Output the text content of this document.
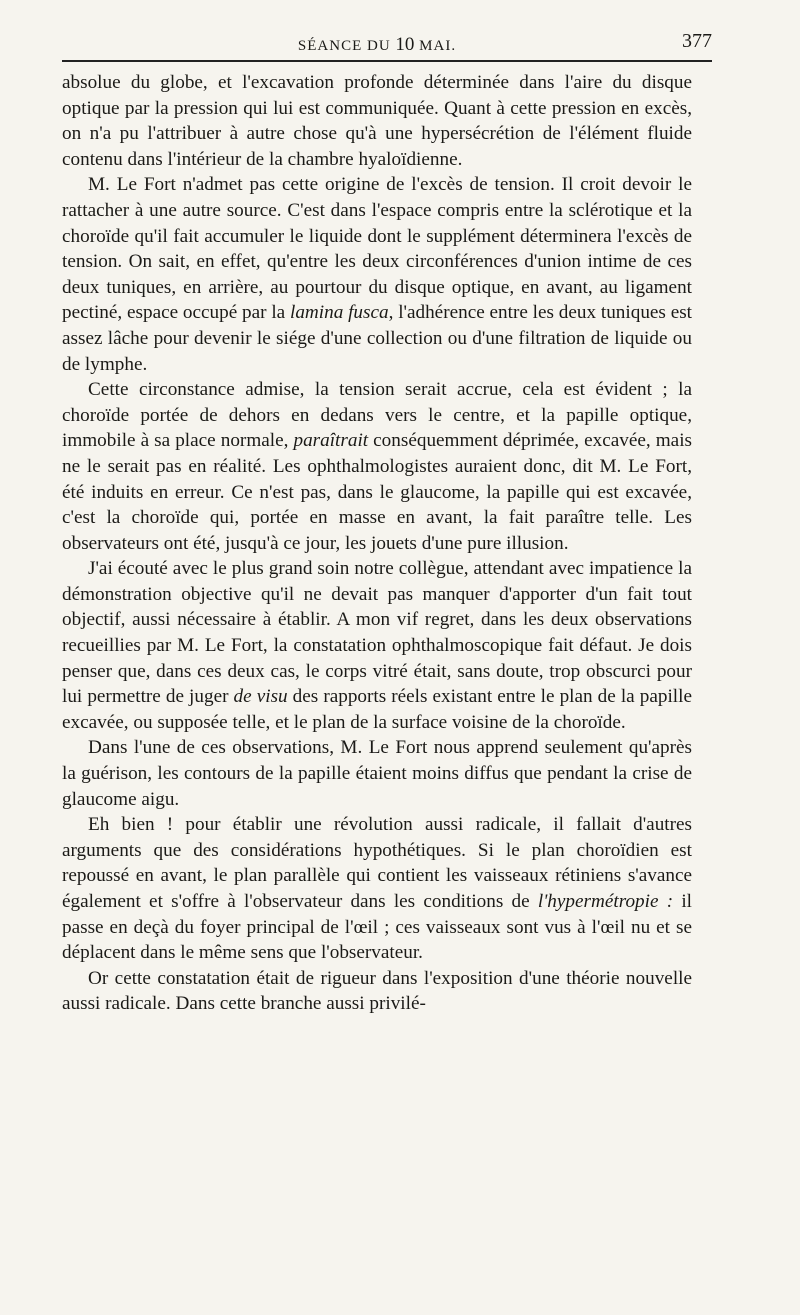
SÉANCE DU 10 MAI.	377

absolue du globe, et l'excavation profonde déterminée dans l'aire du disque optique par la pression qui lui est communiquée. Quant à cette pression en excès, on n'a pu l'attribuer à autre chose qu'à une hypersécrétion de l'élément fluide contenu dans l'intérieur de la chambre hyaloïdienne.

M. Le Fort n'admet pas cette origine de l'excès de tension. Il croit devoir le rattacher à une autre source. C'est dans l'espace compris entre la sclérotique et la choroïde qu'il fait accumuler le liquide dont le supplément déterminera l'excès de tension. On sait, en effet, qu'entre les deux circonférences d'union intime de ces deux tuniques, en arrière, au pourtour du disque optique, en avant, au ligament pectiné, espace occupé par la lamina fusca, l'adhérence entre les deux tuniques est assez lâche pour devenir le siége d'une collection ou d'une filtration de liquide ou de lymphe.

Cette circonstance admise, la tension serait accrue, cela est évident ; la choroïde portée de dehors en dedans vers le centre, et la papille optique, immobile à sa place normale, paraîtrait conséquemment déprimée, excavée, mais ne le serait pas en réalité. Les ophthalmologistes auraient donc, dit M. Le Fort, été induits en erreur. Ce n'est pas, dans le glaucome, la papille qui est excavée, c'est la choroïde qui, portée en masse en avant, la fait paraître telle. Les observateurs ont été, jusqu'à ce jour, les jouets d'une pure illusion.

J'ai écouté avec le plus grand soin notre collègue, attendant avec impatience la démonstration objective qu'il ne devait pas manquer d'apporter d'un fait tout objectif, aussi nécessaire à établir. A mon vif regret, dans les deux observations recueillies par M. Le Fort, la constatation ophthalmoscopique fait défaut. Je dois penser que, dans ces deux cas, le corps vitré était, sans doute, trop obscurci pour lui permettre de juger de visu des rapports réels existant entre le plan de la papille excavée, ou supposée telle, et le plan de la surface voisine de la choroïde.

Dans l'une de ces observations, M. Le Fort nous apprend seulement qu'après la guérison, les contours de la papille étaient moins diffus que pendant la crise de glaucome aigu.

Eh bien ! pour établir une révolution aussi radicale, il fallait d'autres arguments que des considérations hypothétiques. Si le plan choroïdien est repoussé en avant, le plan parallèle qui contient les vaisseaux rétiniens s'avance également et s'offre à l'observateur dans les conditions de l'hypermétropie : il passe en deçà du foyer principal de l'œil ; ces vaisseaux sont vus à l'œil nu et se déplacent dans le même sens que l'observateur.

Or cette constatation était de rigueur dans l'exposition d'une théorie nouvelle aussi radicale. Dans cette branche aussi privilé-
